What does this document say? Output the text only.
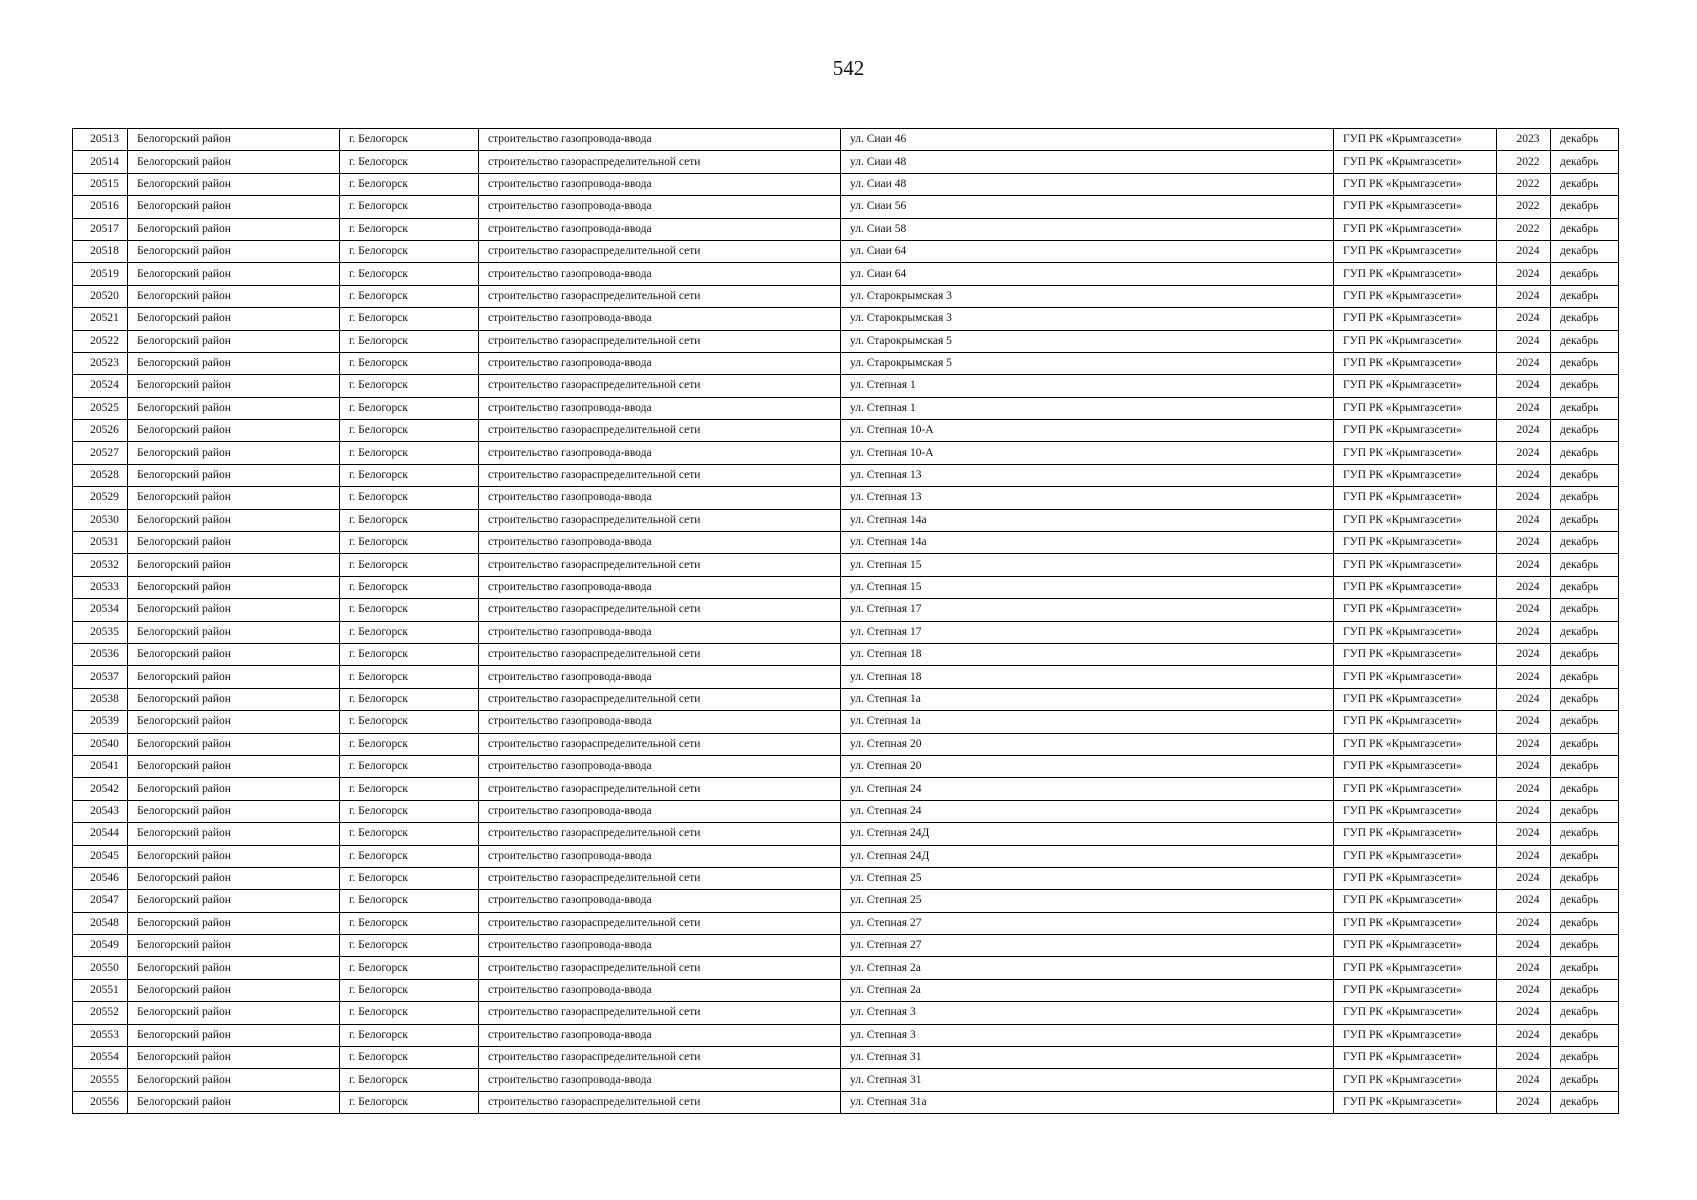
542
20513	Белогорский район	г. Белогорск	строительство газопровода-ввода	ул. Сиаи 46	ГУП РК «Крымгазсети»	2023	декабрь
20514	Белогорский район	г. Белогорск	строительство газораспределительной сети	ул. Сиаи 48	ГУП РК «Крымгазсети»	2022	декабрь
20515	Белогорский район	г. Белогорск	строительство газопровода-ввода	ул. Сиаи 48	ГУП РК «Крымгазсети»	2022	декабрь
20516	Белогорский район	г. Белогорск	строительство газопровода-ввода	ул. Сиаи 56	ГУП РК «Крымгазсети»	2022	декабрь
20517	Белогорский район	г. Белогорск	строительство газопровода-ввода	ул. Сиаи 58	ГУП РК «Крымгазсети»	2022	декабрь
20518	Белогорский район	г. Белогорск	строительство газораспределительной сети	ул. Сиаи 64	ГУП РК «Крымгазсети»	2024	декабрь
20519	Белогорский район	г. Белогорск	строительство газопровода-ввода	ул. Сиаи 64	ГУП РК «Крымгазсети»	2024	декабрь
20520	Белогорский район	г. Белогорск	строительство газораспределительной сети	ул. Старокрымская 3	ГУП РК «Крымгазсети»	2024	декабрь
20521	Белогорский район	г. Белогорск	строительство газопровода-ввода	ул. Старокрымская 3	ГУП РК «Крымгазсети»	2024	декабрь
20522	Белогорский район	г. Белогорск	строительство газораспределительной сети	ул. Старокрымская 5	ГУП РК «Крымгазсети»	2024	декабрь
20523	Белогорский район	г. Белогорск	строительство газопровода-ввода	ул. Старокрымская 5	ГУП РК «Крымгазсети»	2024	декабрь
20524	Белогорский район	г. Белогорск	строительство газораспределительной сети	ул. Степная 1	ГУП РК «Крымгазсети»	2024	декабрь
20525	Белогорский район	г. Белогорск	строительство газопровода-ввода	ул. Степная 1	ГУП РК «Крымгазсети»	2024	декабрь
20526	Белогорский район	г. Белогорск	строительство газораспределительной сети	ул. Степная 10-А	ГУП РК «Крымгазсети»	2024	декабрь
20527	Белогорский район	г. Белогорск	строительство газопровода-ввода	ул. Степная 10-А	ГУП РК «Крымгазсети»	2024	декабрь
20528	Белогорский район	г. Белогорск	строительство газораспределительной сети	ул. Степная 13	ГУП РК «Крымгазсети»	2024	декабрь
20529	Белогорский район	г. Белогорск	строительство газопровода-ввода	ул. Степная 13	ГУП РК «Крымгазсети»	2024	декабрь
20530	Белогорский район	г. Белогорск	строительство газораспределительной сети	ул. Степная 14а	ГУП РК «Крымгазсети»	2024	декабрь
20531	Белогорский район	г. Белогорск	строительство газопровода-ввода	ул. Степная 14а	ГУП РК «Крымгазсети»	2024	декабрь
20532	Белогорский район	г. Белогорск	строительство газораспределительной сети	ул. Степная 15	ГУП РК «Крымгазсети»	2024	декабрь
20533	Белогорский район	г. Белогорск	строительство газопровода-ввода	ул. Степная 15	ГУП РК «Крымгазсети»	2024	декабрь
20534	Белогорский район	г. Белогорск	строительство газораспределительной сети	ул. Степная 17	ГУП РК «Крымгазсети»	2024	декабрь
20535	Белогорский район	г. Белогорск	строительство газопровода-ввода	ул. Степная 17	ГУП РК «Крымгазсети»	2024	декабрь
20536	Белогорский район	г. Белогорск	строительство газораспределительной сети	ул. Степная 18	ГУП РК «Крымгазсети»	2024	декабрь
20537	Белогорский район	г. Белогорск	строительство газопровода-ввода	ул. Степная 18	ГУП РК «Крымгазсети»	2024	декабрь
20538	Белогорский район	г. Белогорск	строительство газораспределительной сети	ул. Степная 1а	ГУП РК «Крымгазсети»	2024	декабрь
20539	Белогорский район	г. Белогорск	строительство газопровода-ввода	ул. Степная 1а	ГУП РК «Крымгазсети»	2024	декабрь
20540	Белогорский район	г. Белогорск	строительство газораспределительной сети	ул. Степная 20	ГУП РК «Крымгазсети»	2024	декабрь
20541	Белогорский район	г. Белогорск	строительство газопровода-ввода	ул. Степная 20	ГУП РК «Крымгазсети»	2024	декабрь
20542	Белогорский район	г. Белогорск	строительство газораспределительной сети	ул. Степная 24	ГУП РК «Крымгазсети»	2024	декабрь
20543	Белогорский район	г. Белогорск	строительство газопровода-ввода	ул. Степная 24	ГУП РК «Крымгазсети»	2024	декабрь
20544	Белогорский район	г. Белогорск	строительство газораспределительной сети	ул. Степная 24Д	ГУП РК «Крымгазсети»	2024	декабрь
20545	Белогорский район	г. Белогорск	строительство газопровода-ввода	ул. Степная 24Д	ГУП РК «Крымгазсети»	2024	декабрь
20546	Белогорский район	г. Белогорск	строительство газораспределительной сети	ул. Степная 25	ГУП РК «Крымгазсети»	2024	декабрь
20547	Белогорский район	г. Белогорск	строительство газопровода-ввода	ул. Степная 25	ГУП РК «Крымгазсети»	2024	декабрь
20548	Белогорский район	г. Белогорск	строительство газораспределительной сети	ул. Степная 27	ГУП РК «Крымгазсети»	2024	декабрь
20549	Белогорский район	г. Белогорск	строительство газопровода-ввода	ул. Степная 27	ГУП РК «Крымгазсети»	2024	декабрь
20550	Белогорский район	г. Белогорск	строительство газораспределительной сети	ул. Степная 2а	ГУП РК «Крымгазсети»	2024	декабрь
20551	Белогорский район	г. Белогорск	строительство газопровода-ввода	ул. Степная 2а	ГУП РК «Крымгазсети»	2024	декабрь
20552	Белогорский район	г. Белогорск	строительство газораспределительной сети	ул. Степная 3	ГУП РК «Крымгазсети»	2024	декабрь
20553	Белогорский район	г. Белогорск	строительство газопровода-ввода	ул. Степная 3	ГУП РК «Крымгазсети»	2024	декабрь
20554	Белогорский район	г. Белогорск	строительство газораспределительной сети	ул. Степная 31	ГУП РК «Крымгазсети»	2024	декабрь
20555	Белогорский район	г. Белогорск	строительство газопровода-ввода	ул. Степная 31	ГУП РК «Крымгазсети»	2024	декабрь
20556	Белогорский район	г. Белогорск	строительство газораспределительной сети	ул. Степная 31а	ГУП РК «Крымгазсети»	2024	декабрь
